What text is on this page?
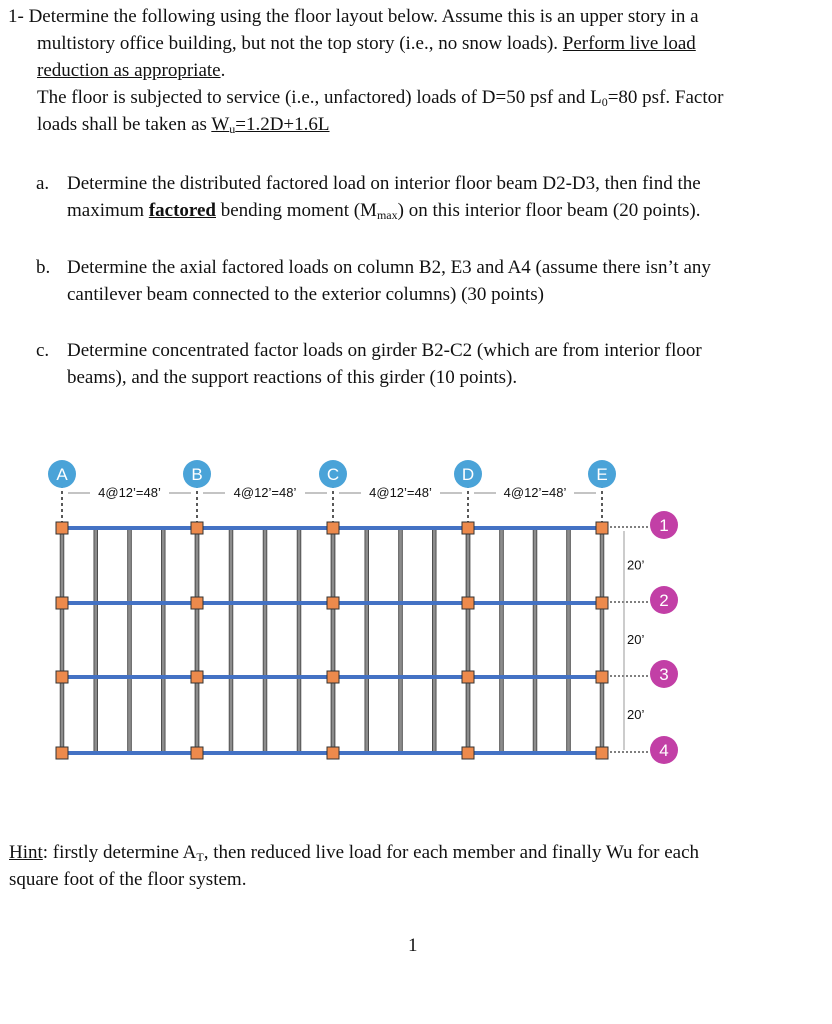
1- Determine the following using the floor layout below. Assume this is an upper story in a
multistory office building, but not the top story (i.e., no snow loads). Perform live load
reduction as appropriate.
The floor is subjected to service (i.e., unfactored) loads of D=50 psf and $L_0=80$ psf. Factor
loads shall be taken as $W_u=1.2D+1.6L$
a. Determine the distributed factored load on interior floor beam D2-D3, then find the
maximum factored bending moment $(M_{max})$ on this interior floor beam (20 points).
b. Determine the axial factored loads on column B2, E3 and A4 (assume there isn’t any
cantilever beam connected to the exterior columns) (30 points)
c. Determine concentrated factor loads on girder B2-C2 (which are from interior floor
beams), and the support reactions of this girder (10 points).
A	B	C	D	E
4@12’=48’	4@12’=48’	4@12’=48’	4@12’=48’
1
2
3
4
20’
20’
20’
Hint: firstly determine $A_T$, then reduced live load for each member and finally Wu for each
square foot of the floor system.
1
